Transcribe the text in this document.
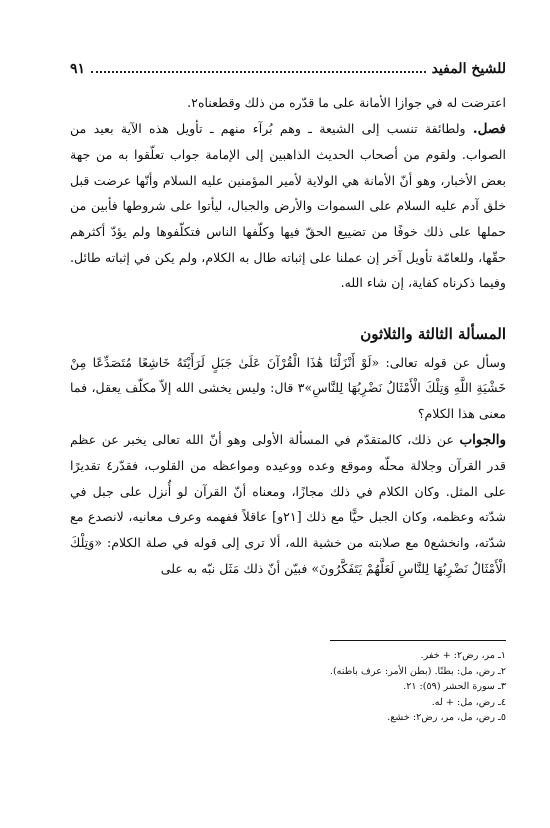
للشيخ المفيد
٩١

اعترضت له في جوازا الأمانة على ما قدّره من ذلك وقطعناه٢.

فصل. ولطائفة تنسب إلى الشيعة ـ وهم بُرآء منهم ـ تأويل هذه الآية بعيد من الصواب. ولقوم من أصحاب الحديث الذاهبين إلى الإمامة جواب تعلّقوا به من جهة بعض الأخبار، وهو أنّ الأمانة هي الولاية لأمير المؤمنين عليه السلام وأنّها عرضت قبل خلق آدم عليه السلام على السموات والأرض والجبال، ليأتوا على شروطها فأبين من حملها على ذلك خوفًا من تضييع الحقّ فيها وكلّفها الناس فتكلّفوها ولم يؤدّ أكثرهم حقّها، وللعامّة تأويل آخر إن عملنا على إثباته طال به الكلام، ولم يكن في إثباته طائل. وفيما ذكرناه كفاية، إن شاء الله.

المسألة الثالثة والثلاثون

وسأل عن قوله تعالى: «لَوْ أَنْزَلْنَا هَٰذَا الْقُرْآنَ عَلَىٰ جَبَلٍ لَرَأَيْتَهُ خَاشِعًا مُتَصَدِّعًا مِنْ خَشْيَةِ اللَّهِ وَتِلْكَ الْأَمْثَالُ نَضْرِبُهَا لِلنَّاسِ»٣ قال: وليس يخشى الله إلاّ مكلّف يعقل، فما معنى هذا الكلام؟

والجواب عن ذلك، كالمتقدّم في المسألة الأولى وهو أنّ الله تعالى يخبر عن عظم قدر القرآن وجلالة محلّه وموقع وعده ووعيده ومواعظه من القلوب، فقدّر٤ تقديرًا على المثل. وكان الكلام في ذلك مجازًا، ومعناه أنّ القرآن لو أُنزل على جبل في شدّته وعظمه، وكان الجبل حيًّا مع ذلك [٢١و] عاقلاً ففهمه وعرف معانيه، لانصدع مع شدّته، وانخشع٥ مع صلابته من خشية الله، ألا ترى إلى قوله في صلة الكلام: «وَتِلْكَ الْأَمْثَالُ نَضْرِبُهَا لِلنَّاسِ لَعَلَّهُمْ يَتَفَكَّرُونَ» فبيّن أنّ ذلك مَثَل نبّه به على

١ـ مر، رض٢: + خفر.
٢ـ رض، مل: بطنًا. (بطن الأمر: عرف باطنه).
٣ـ سورة الحشر (٥٩): ٢١.
٤ـ رض، مل: + له.
٥ـ رض، مل، مر، رض٢: خشع.
